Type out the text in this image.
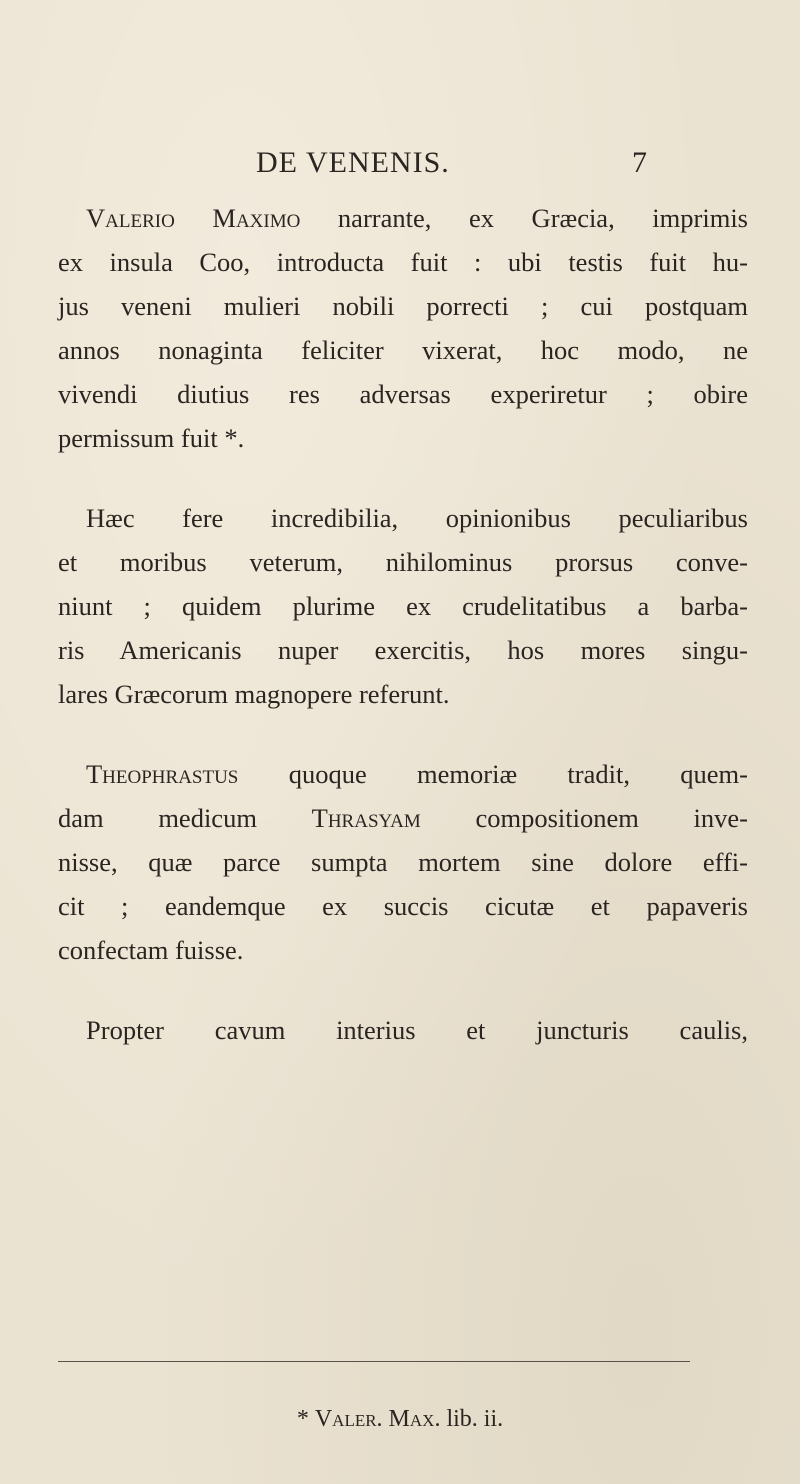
DE VENENIS.	7

Valerio Maximo narrante, ex Græcia, imprimis
ex insula Coo, introducta fuit : ubi testis fuit hu-
jus veneni mulieri nobili porrecti ; cui postquam
annos nonaginta feliciter vixerat, hoc modo, ne
vivendi diutius res adversas experiretur ; obire
permissum fuit *.

Hæc fere incredibilia, opinionibus peculiaribus
et moribus veterum, nihilominus prorsus conve-
niunt ; quidem plurime ex crudelitatibus a barba-
ris Americanis nuper exercitis, hos mores singu-
lares Græcorum magnopere referunt.

Theophrastus quoque memoriæ tradit, quem-
dam medicum Thrasyam compositionem inve-
nisse, quæ parce sumpta mortem sine dolore effi-
cit ; eandemque ex succis cicutæ et papaveris
confectam fuisse.

Propter cavum interius et juncturis caulis,

* Valer. Max. lib. ii.
